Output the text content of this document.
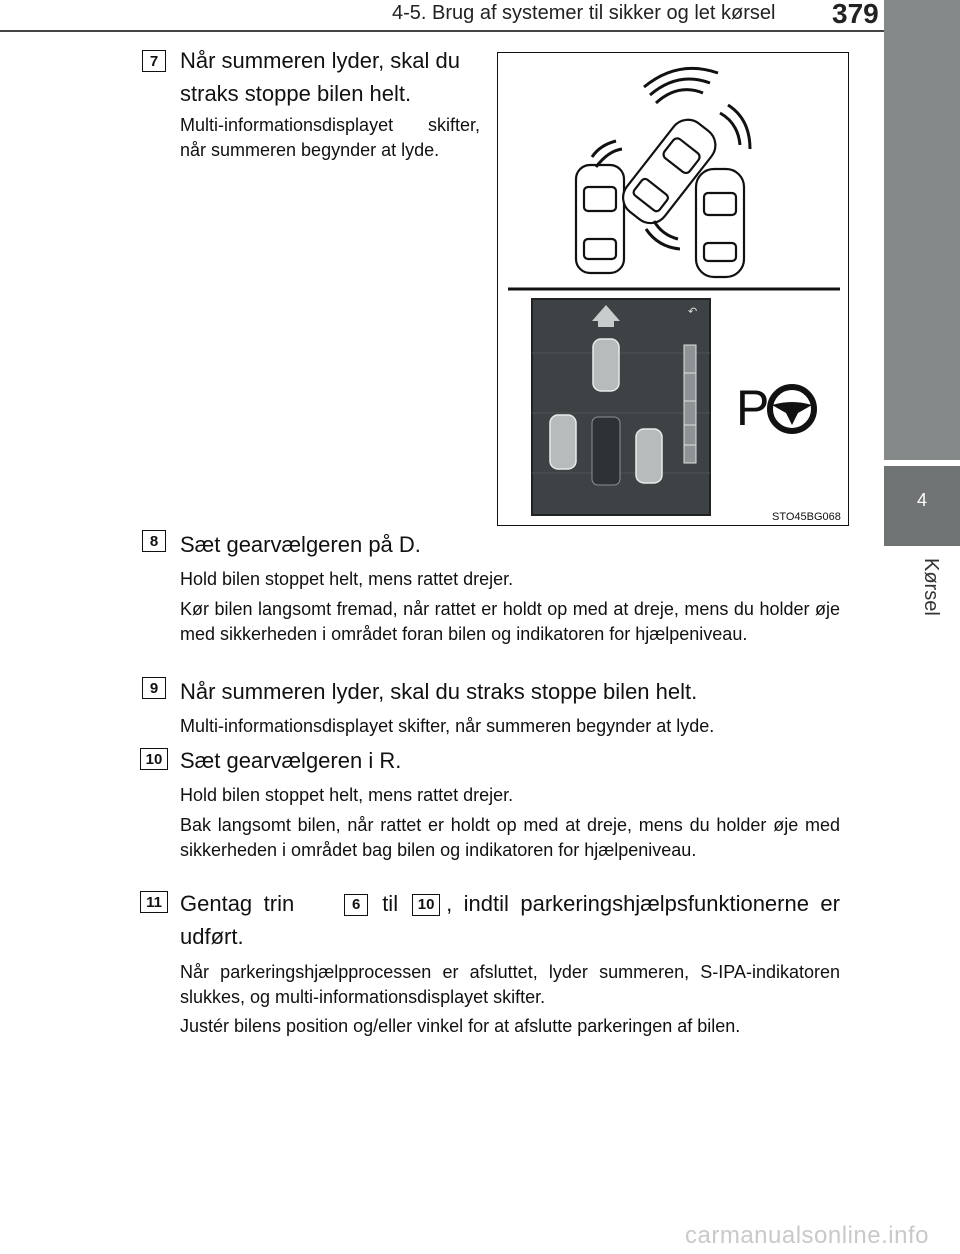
4-5. Brug af systemer til sikker og let kørsel 379
4
Kørsel
7 Når summeren lyder, skal du straks stoppe bilen helt.
Multi-informationsdisplayet skifter, når summeren begynder at lyde.
↶
P
STO45BG068
8 Sæt gearvælgeren på D.
Hold bilen stoppet helt, mens rattet drejer.
Kør bilen langsomt fremad, når rattet er holdt op med at dreje, mens du holder øje med sikkerheden i området foran bilen og indikatoren for hjælpeniveau.
9 Når summeren lyder, skal du straks stoppe bilen helt.
Multi-informationsdisplayet skifter, når summeren begynder at lyde.
10 Sæt gearvælgeren i R.
Hold bilen stoppet helt, mens rattet drejer.
Bak langsomt bilen, når rattet er holdt op med at dreje, mens du holder øje med sikkerheden i området bag bilen og indikatoren for hjælpeniveau.
11 Gentag trin	6 til 10 , indtil parkeringshjælpsfunktionerne er udført.
Når parkeringshjælpprocessen er afsluttet, lyder summeren, S-IPA-indikatoren slukkes, og multi-informationsdisplayet skifter.
Justér bilens position og/eller vinkel for at afslutte parkeringen af bilen.
carmanualsonline.info
